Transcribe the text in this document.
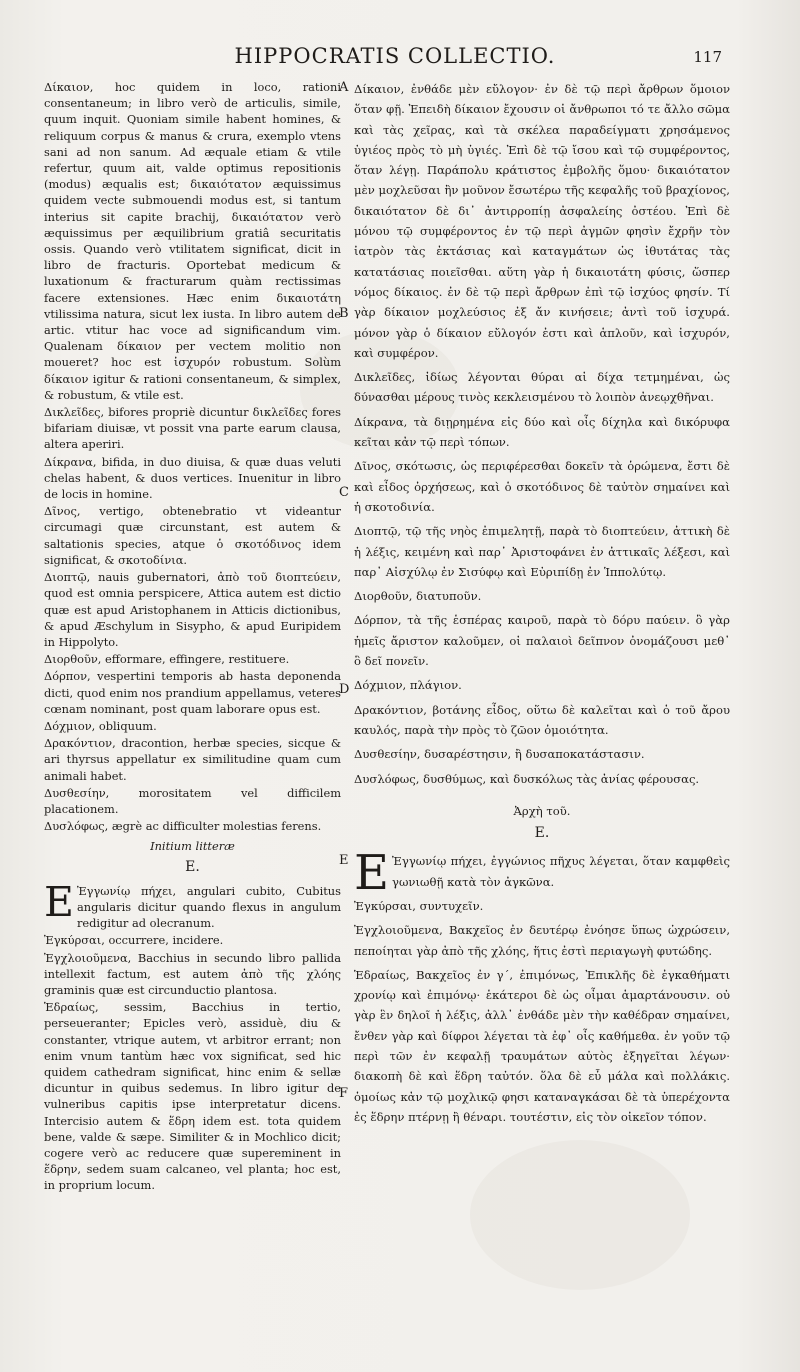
HIPPOCRATIS COLLECTIO.	117
A
B
C
D
E
F

Δίκαιον, hoc quidem in loco, rationi consentaneum; in libro verò de articulis, simile, quum inquit. Quoniam simile habent homines, & reliquum corpus & manus & crura, exemplo vtens sani ad non sanum. Ad æquale etiam & vtile refertur, quum ait, valde optimus repositionis (modus) æqualis est; δικαιότατον æquissimus quidem vecte submouendi modus est, si tantum interius sit capite brachij, δικαιότατον verò æquissimus per æquilibrium gratiâ securitatis ossis. Quando verò vtilitatem significat, dicit in libro de fracturis. Oportebat medicum & luxationum & fracturarum quàm rectissimas facere extensiones. Hæc enim δικαιοτάτη vtilissima natura, sicut lex iusta. In libro autem de artic. vtitur hac voce ad significandum vim. Qualenam δίκαιον per vectem molitio non moueret? hoc est ἰσχυρόν robustum. Solùm δίκαιον igitur & rationi consentaneum, & simplex, & robustum, & vtile est.

Δικλεῖδες, bifores propriè dicuntur δικλεῖδες fores bifariam diuisæ, vt possit vna parte earum clausa, altera aperiri.

Δίκρανα, bifida, in duo diuisa, & quæ duas veluti chelas habent, & duos vertices. Inuenitur in libro de locis in homine.

Δῖνος, vertigo, obtenebratio vt videantur circumagi quæ circunstant, est autem & saltationis species, atque ὁ σκοτόδινος idem significat, & σκοτοδίνια.

Διοπτῷ, nauis gubernatori, ἀπὸ τοῦ διοπτεύειν, quod est omnia perspicere, Attica autem est dictio quæ est apud Aristophanem in Atticis dictionibus, & apud Æschylum in Sisypho, & apud Euripidem in Hippolyto.

Διορθοῦν, efformare, effingere, restituere.

Δόρπον, vespertini temporis ab hasta deponenda dicti, quod enim nos prandium appellamus, veteres cœnam nominant, post quam laborare opus est.

Δόχμιον, obliquum.

Δρακόντιον, dracontion, herbæ species, sicque & ari thyrsus appellatur ex similitudine quam cum animali habet.

Δυσθεσίην, morositatem vel difficilem placationem.

Δυσλόφως, ægrè ac difficulter molestias ferens.

Initium litteræ
E.

E Ἐγγωνίῳ πήχει, angulari cubito, Cubitus angularis dicitur quando flexus in angulum redigitur ad olecranum.

Ἐγκύρσαι, occurrere, incidere.

Ἐγχλοιοῦμενα, Bacchius in secundo libro pallida intellexit factum, est autem ἀπὸ τῆς χλόης graminis quæ est circunductio plantosa.

Ἑδραίως, sessim, Bacchius in tertio, perseueranter; Epicles verò, assiduè, diu & constanter, vtrique autem, vt arbitror errant; non enim vnum tantùm hæc vox significat, sed hic quidem cathedram significat, hinc enim & sellæ dicuntur in quibus sedemus. In libro igitur de vulneribus capitis ipse interpretatur dicens. Intercisio autem & ἕδρη idem est. tota quidem bene, valde & sæpe. Similiter & in Mochlico dicit; cogere verò ac reducere quæ supereminent in ἕδρην, sedem suam calcaneo, vel planta; hoc est, in proprium locum.

Δίκαιον, ἐνθάδε μὲν εὔλογον· ἐν δὲ τῷ περὶ ἄρθρων ὅμοιον ὅταν φῇ. Ἐπειδὴ δίκαιον ἔχουσιν οἱ ἄνθρωποι τό τε ἄλλο σῶμα καὶ τὰς χεῖρας, καὶ τὰ σκέλεα παραδείγματι χρησάμενος ὑγιέος πρὸς τὸ μὴ ὑγιές. Ἐπὶ δὲ τῷ ἴσου καὶ τῷ συμφέροντος, ὅταν λέγῃ. Παράπολυ κράτιστος ἐμβολῆς ὅμου· δικαιότατον μὲν μοχλεῦσαι ἢν μοῦνον ἔσωτέρω τῆς κεφαλῆς τοῦ βραχίονος, δικαιότατον δὲ δι᾽ ἀντιρροπίῃ ἀσφαλείης ὀστέου. Ἐπὶ δὲ μόνου τῷ συμφέροντος ἐν τῷ περὶ ἀγμῶν φησὶν ἔχρῆν τὸν ἰατρὸν τὰς ἐκτάσιας καὶ καταγμάτων ὡς ἰθυτάτας τὰς κατατάσιας ποιεῖσθαι. αὕτη γὰρ ἡ δικαιοτάτη φύσις, ὥσπερ νόμος δίκαιος. ἐν δὲ τῷ περὶ ἄρθρων ἐπὶ τῷ ἰσχύος φησίν. Τί γὰρ δίκαιον μοχλεύσιος ἐξ ἄν κινήσειε; ἀντὶ τοῦ ἰσχυρά. μόνον γὰρ ὁ δίκαιον εὔλογόν ἐστι καὶ ἁπλοῦν, καὶ ἰσχυρόν, καὶ συμφέρον.

Δικλεῖδες, ἰδίως λέγονται θύραι αἱ δίχα τετμημέναι, ὡς δύνασθαι μέρους τινὸς κεκλεισμένου τὸ λοιπὸν ἀνεῳχθῆναι.

Δίκρανα, τὰ διῃρημένα εἰς δύο καὶ οἷς δίχηλα καὶ δικόρυφα κεῖται κἀν τῷ περὶ τόπων.

Δῖνος, σκότωσις, ὡς περιφέρεσθαι δοκεῖν τὰ ὁρώμενα, ἔστι δὲ καὶ εἶδος ὀρχήσεως, καὶ ὁ σκοτόδινος δὲ ταὐτὸν σημαίνει καὶ ἡ σκοτοδινία.

Διοπτῷ, τῷ τῆς νηὸς ἐπιμελητῇ, παρὰ τὸ διοπτεύειν, ἀττικὴ δὲ ἡ λέξις, κειμένη καὶ παρ᾽ Ἀριστοφάνει ἐν ἀττικαῖς λέξεσι, καὶ παρ᾽ Αἰσχύλῳ ἐν Σισύφῳ καὶ Εὐριπίδῃ ἐν Ἱππολύτῳ.

Διορθοῦν, διατυποῦν.

Δόρπον, τὰ τῆς ἑσπέρας καιροῦ, παρὰ τὸ δόρυ παύειν. ὃ γὰρ ἡμεῖς ἄριστον καλοῦμεν, οἱ παλαιοὶ δεῖπνον ὀνομάζουσι μεθ᾽ ὃ δεῖ πονεῖν.

Δόχμιον, πλάγιον.

Δρακόντιον, βοτάνης εἶδος, οὕτω δὲ καλεῖται καὶ ὁ τοῦ ἄρου καυλός, παρὰ τὴν πρὸς τὸ ζῶον ὁμοιότητα.

Δυσθεσίην, δυσαρέστησιν, ἢ δυσαποκατάστασιν.

Δυσλόφως, δυσθύμως, καὶ δυσκόλως τὰς ἀνίας φέρουσας.

Ἀρχὴ τοῦ.
E.

E Ἐγγωνίῳ πήχει, ἐγγώνιος πῆχυς λέγεται, ὅταν καμφθεὶς γωνιωθῇ κατὰ τὸν ἀγκῶνα.

Ἐγκύρσαι, συντυχεῖν.

Ἐγχλοιοῦμενα, Βακχεῖος ἐν δευτέρῳ ἐνόησε ὕπως ὠχρώσειν, πεποίηται γὰρ ἀπὸ τῆς χλόης, ἥτις ἐστὶ περιαγωγὴ φυτώδης.

Ἑδραίως, Βακχεῖος ἐν γ΄, ἐπιμόνως, Ἐπικλῆς δὲ ἐγκαθήματι χρονίῳ καὶ ἐπιμόνῳ· ἑκάτεροι δὲ ὡς οἶμαι ἁμαρτάνουσιν. οὐ γὰρ ἓν δηλοῖ ἡ λέξις, ἀλλ᾽ ἐνθάδε μὲν τὴν καθέδραν σημαίνει, ἔνθεν γὰρ καὶ δίφροι λέγεται τὰ ἐφ᾽ οἷς καθήμεθα. ἐν γοῦν τῷ περὶ τῶν ἐν κεφαλῇ τραυμάτων αὐτὸς ἐξηγεῖται λέγων· διακοπὴ δὲ καὶ ἕδρη ταὐτόν. ὅλα δὲ εὖ μάλα καὶ πολλάκις. ὁμοίως κἀν τῷ μοχλικῷ φησι καταναγκάσαι δὲ τὰ ὑπερέχοντα ἐς ἕδρην πτέρνῃ ἢ θέναρι. τουτέστιν, εἰς τὸν οἰκεῖον τόπον.
